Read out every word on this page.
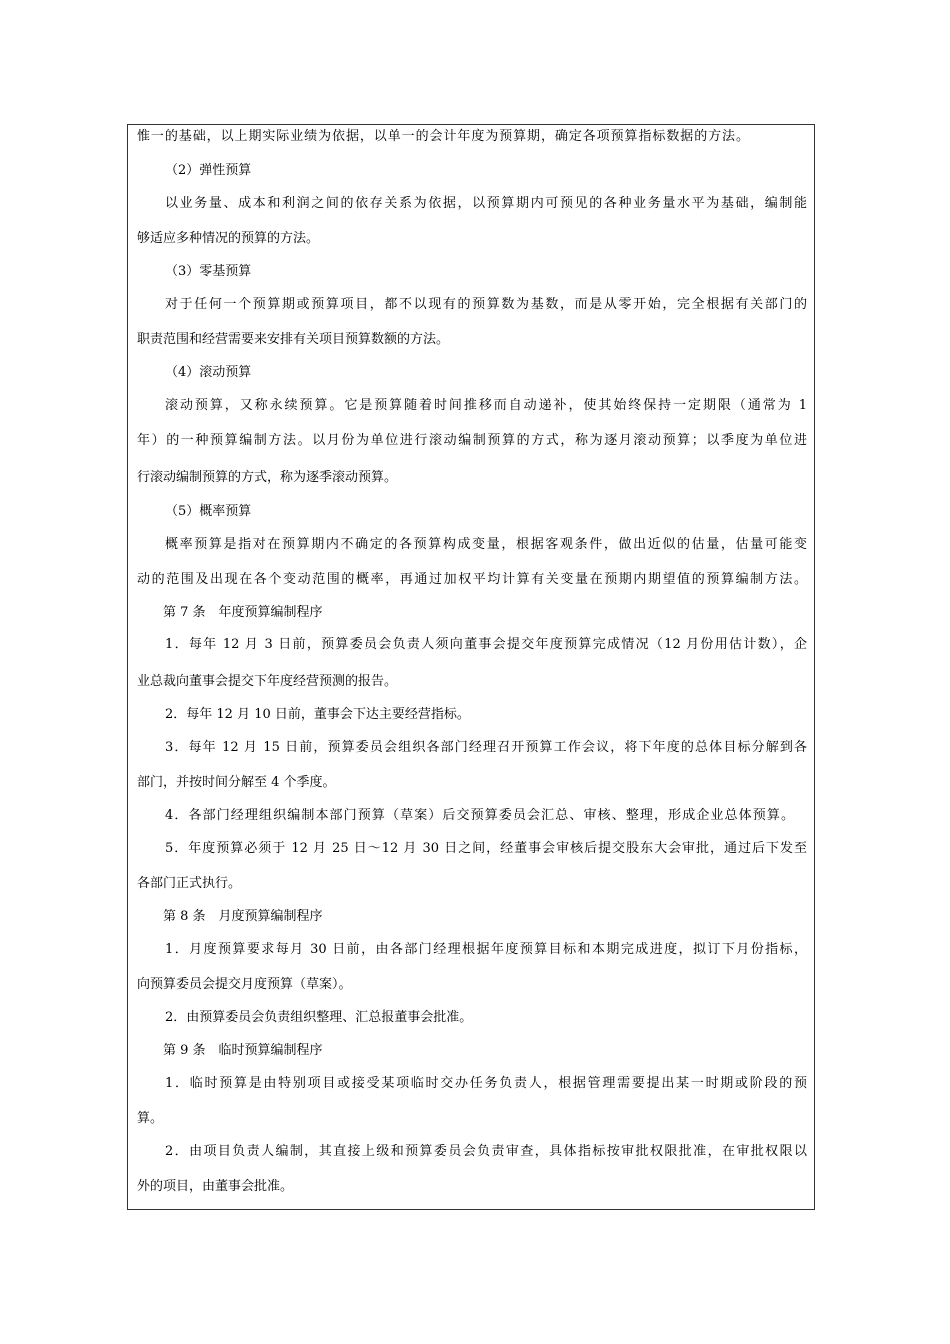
惟一的基础，以上期实际业绩为依据，以单一的会计年度为预算期，确定各项预算指标数据的方法。
（2）弹性预算
以业务量、成本和利润之间的依存关系为依据，以预算期内可预见的各种业务量水平为基础，编制能
够适应多种情况的预算的方法。
（3）零基预算
对于任何一个预算期或预算项目，都不以现有的预算数为基数，而是从零开始，完全根据有关部门的
职责范围和经营需要来安排有关项目预算数额的方法。
（4）滚动预算
滚动预算，又称永续预算。它是预算随着时间推移而自动递补，使其始终保持一定期限（通常为 1
年）的一种预算编制方法。以月份为单位进行滚动编制预算的方式，称为逐月滚动预算；以季度为单位进
行滚动编制预算的方式，称为逐季滚动预算。
（5）概率预算
概率预算是指对在预算期内不确定的各预算构成变量，根据客观条件，做出近似的估量，估量可能变
动的范围及出现在各个变动范围的概率，再通过加权平均计算有关变量在预期内期望值的预算编制方法。
第 7 条　年度预算编制程序
1．每年 12 月 3 日前，预算委员会负责人须向董事会提交年度预算完成情况（12 月份用估计数），企
业总裁向董事会提交下年度经营预测的报告。
2．每年 12 月 10 日前，董事会下达主要经营指标。
3．每年 12 月 15 日前，预算委员会组织各部门经理召开预算工作会议，将下年度的总体目标分解到各
部门，并按时间分解至 4 个季度。
4．各部门经理组织编制本部门预算（草案）后交预算委员会汇总、审核、整理，形成企业总体预算。
5．年度预算必须于 12 月 25 日～12 月 30 日之间，经董事会审核后提交股东大会审批，通过后下发至
各部门正式执行。
第 8 条　月度预算编制程序
1．月度预算要求每月 30 日前，由各部门经理根据年度预算目标和本期完成进度，拟订下月份指标，
向预算委员会提交月度预算（草案）。
2．由预算委员会负责组织整理、汇总报董事会批准。
第 9 条　临时预算编制程序
1．临时预算是由特别项目或接受某项临时交办任务负责人，根据管理需要提出某一时期或阶段的预
算。
2．由项目负责人编制，其直接上级和预算委员会负责审查，具体指标按审批权限批准，在审批权限以
外的项目，由董事会批准。
